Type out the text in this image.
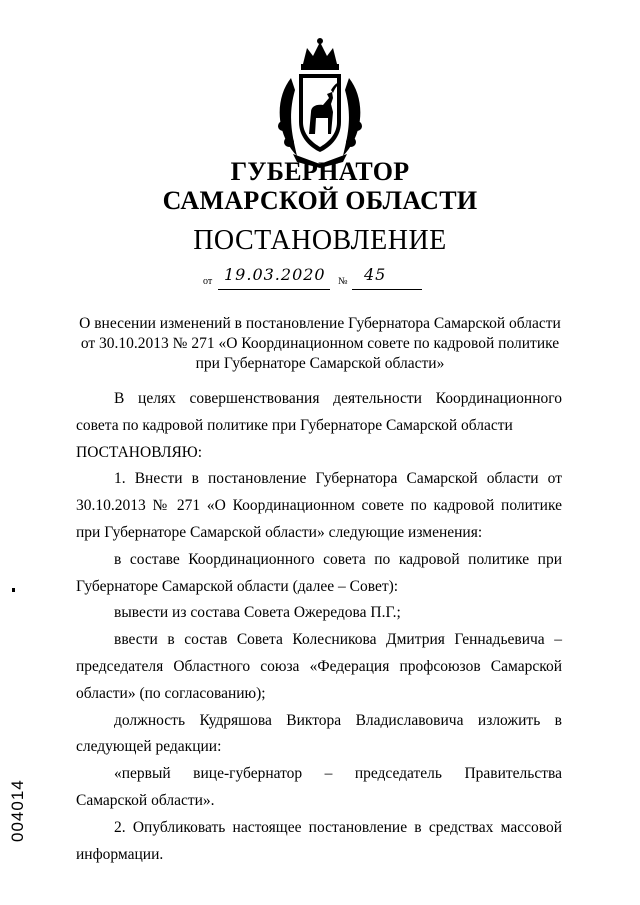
ГУБЕРНАТОР
САМАРСКОЙ ОБЛАСТИ
ПОСТАНОВЛЕНИЕ
от 19.03.2020 № 45
О внесении изменений в постановление Губернатора Самарской области от 30.10.2013 № 271 «О Координационном совете по кадровой политике при Губернаторе Самарской области»

В целях совершенствования деятельности Координационного совета по кадровой политике при Губернаторе Самарской области

ПОСТАНОВЛЯЮ:

1. Внести в постановление Губернатора Самарской области от 30.10.2013 № 271 «О Координационном совете по кадровой политике при Губернаторе Самарской области» следующие изменения:

в составе Координационного совета по кадровой политике при Губернаторе Самарской области (далее – Совет):

вывести из состава Совета Ожередова П.Г.;

ввести в состав Совета Колесникова Дмитрия Геннадьевича – председателя Областного союза «Федерация профсоюзов Самарской области» (по согласованию);

должность Кудряшова Виктора Владиславовича изложить в следующей редакции:

«первый вице-губернатор – председатель Правительства Самарской области».

2. Опубликовать настоящее постановление в средствах массовой информации.

004014
